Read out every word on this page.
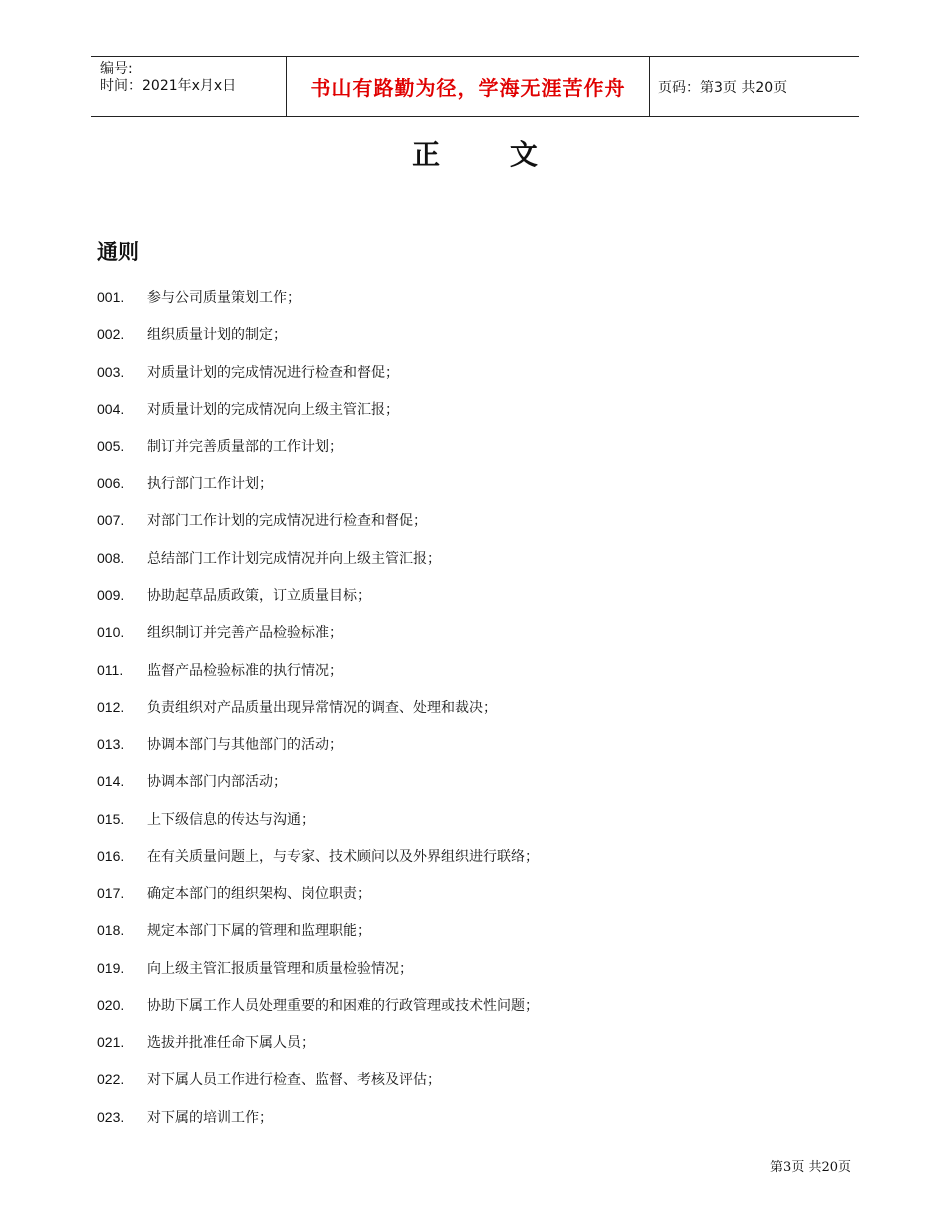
编号:
时间：2021年x月x日	书山有路勤为径，学海无涯苦作舟 页码：第3页 共20页
正 文
通则
001. 参与公司质量策划工作；
002. 组织质量计划的制定；
003. 对质量计划的完成情况进行检查和督促；
004. 对质量计划的完成情况向上级主管汇报；
005. 制订并完善质量部的工作计划；
006. 执行部门工作计划；
007. 对部门工作计划的完成情况进行检查和督促；
008. 总结部门工作计划完成情况并向上级主管汇报；
009. 协助起草品质政策，订立质量目标；
010. 组织制订并完善产品检验标准；
011. 监督产品检验标准的执行情况；
012. 负责组织对产品质量出现异常情况的调查、处理和裁决；
013. 协调本部门与其他部门的活动；
014. 协调本部门内部活动；
015. 上下级信息的传达与沟通；
016. 在有关质量问题上，与专家、技术顾问以及外界组织进行联络；
017. 确定本部门的组织架构、岗位职责；
018. 规定本部门下属的管理和监理职能；
019. 向上级主管汇报质量管理和质量检验情况；
020. 协助下属工作人员处理重要的和困难的行政管理或技术性问题；
021. 选拔并批准任命下属人员；
022. 对下属人员工作进行检查、监督、考核及评估；
023. 对下属的培训工作；
第3页 共20页
